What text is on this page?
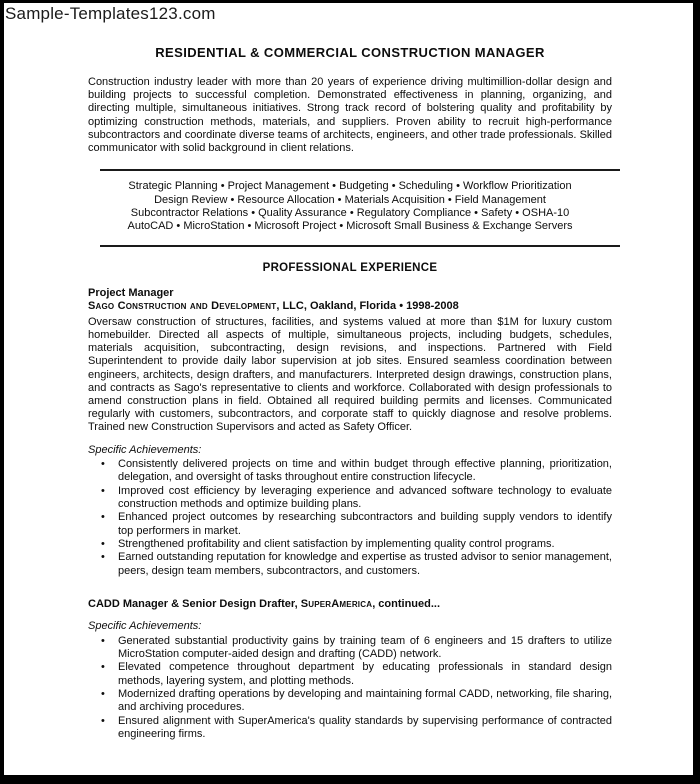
Sample-Templates123.com
RESIDENTIAL & COMMERCIAL CONSTRUCTION MANAGER

Construction industry leader with more than 20 years of experience driving multimillion-dollar design and building projects to successful completion. Demonstrated effectiveness in planning, organizing, and directing multiple, simultaneous initiatives. Strong track record of bolstering quality and profitability by optimizing construction methods, materials, and suppliers. Proven ability to recruit high-performance subcontractors and coordinate diverse teams of architects, engineers, and other trade professionals. Skilled communicator with solid background in client relations.

Strategic Planning • Project Management • Budgeting • Scheduling • Workflow Prioritization
Design Review • Resource Allocation • Materials Acquisition • Field Management
Subcontractor Relations • Quality Assurance • Regulatory Compliance • Safety • OSHA-10
AutoCAD • MicroStation • Microsoft Project • Microsoft Small Business & Exchange Servers
PROFESSIONAL EXPERIENCE
Project Manager
Sago Construction and Development, LLC, Oakland, Florida • 1998-2008

Oversaw construction of structures, facilities, and systems valued at more than $1M for luxury custom homebuilder. Directed all aspects of multiple, simultaneous projects, including budgets, schedules, materials acquisition, subcontracting, design revisions, and inspections. Partnered with Field Superintendent to provide daily labor supervision at job sites. Ensured seamless coordination between engineers, architects, design drafters, and manufacturers. Interpreted design drawings, construction plans, and contracts as Sago's representative to clients and workforce. Collaborated with design professionals to amend construction plans in field. Obtained all required building permits and licenses. Communicated regularly with customers, subcontractors, and corporate staff to quickly diagnose and resolve problems. Trained new Construction Supervisors and acted as Safety Officer.

Specific Achievements:
• Consistently delivered projects on time and within budget through effective planning, prioritization, delegation, and oversight of tasks throughout entire construction lifecycle.
• Improved cost efficiency by leveraging experience and advanced software technology to evaluate construction methods and optimize building plans.
• Enhanced project outcomes by researching subcontractors and building supply vendors to identify top performers in market.
• Strengthened profitability and client satisfaction by implementing quality control programs.
• Earned outstanding reputation for knowledge and expertise as trusted advisor to senior management, peers, design team members, subcontractors, and customers.
CADD Manager & Senior Design Drafter, SuperAmerica, continued...
Specific Achievements:
• Generated substantial productivity gains by training team of 6 engineers and 15 drafters to utilize MicroStation computer-aided design and drafting (CADD) network.
• Elevated competence throughout department by educating professionals in standard design methods, layering system, and plotting methods.
• Modernized drafting operations by developing and maintaining formal CADD, networking, file sharing, and archiving procedures.
• Ensured alignment with SuperAmerica's quality standards by supervising performance of contracted engineering firms.
